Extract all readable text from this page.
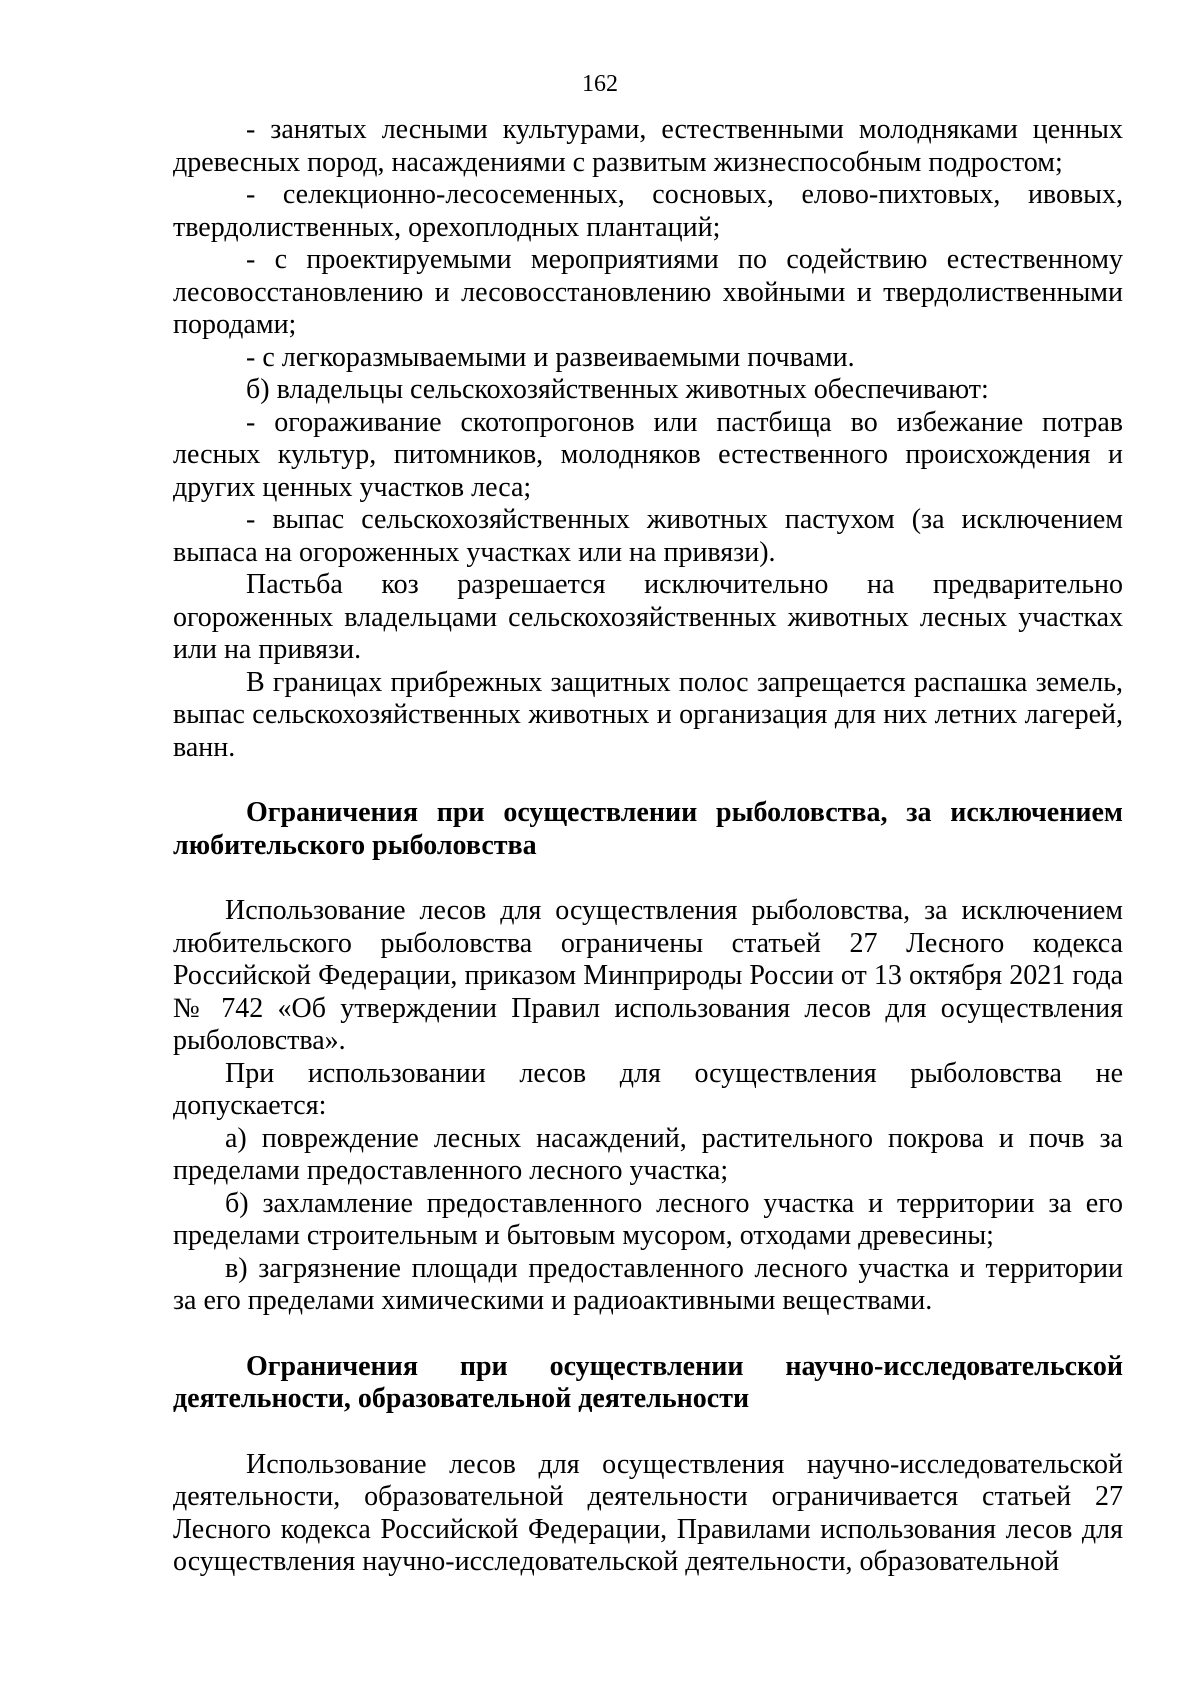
162

- занятых лесными культурами, естественными молодняками ценных древесных пород, насаждениями с развитым жизнеспособным подростом;

- селекционно-лесосеменных, сосновых, елово-пихтовых, ивовых, твердолиственных, орехоплодных плантаций;

- с проектируемыми мероприятиями по содействию естественному лесовосстановлению и лесовосстановлению хвойными и твердолиственными породами;

- с легкоразмываемыми и развеиваемыми почвами.

б) владельцы сельскохозяйственных животных обеспечивают:

- огораживание скотопрогонов или пастбища во избежание потрав лесных культур, питомников, молодняков естественного происхождения и других ценных участков леса;

- выпас сельскохозяйственных животных пастухом (за исключением выпаса на огороженных участках или на привязи).

Пастьба коз разрешается исключительно на предварительно огороженных владельцами сельскохозяйственных животных лесных участках или на привязи.

В границах прибрежных защитных полос запрещается распашка земель, выпас сельскохозяйственных животных и организация для них летних лагерей, ванн.

Ограничения при осуществлении рыболовства, за исключением любительского рыболовства

Использование лесов для осуществления рыболовства, за исключением любительского рыболовства ограничены статьей 27 Лесного кодекса Российской Федерации, приказом Минприроды России от 13 октября 2021 года № 742 «Об утверждении Правил использования лесов для осуществления рыболовства».

При использовании лесов для осуществления рыболовства не допускается:

а) повреждение лесных насаждений, растительного покрова и почв за пределами предоставленного лесного участка;

б) захламление предоставленного лесного участка и территории за его пределами строительным и бытовым мусором, отходами древесины;

в) загрязнение площади предоставленного лесного участка и территории за его пределами химическими и радиоактивными веществами.

Ограничения при осуществлении научно-исследовательской деятельности, образовательной деятельности

Использование лесов для осуществления научно-исследовательской деятельности, образовательной деятельности ограничивается статьей 27 Лесного кодекса Российской Федерации, Правилами использования лесов для осуществления научно-исследовательской деятельности, образовательной
